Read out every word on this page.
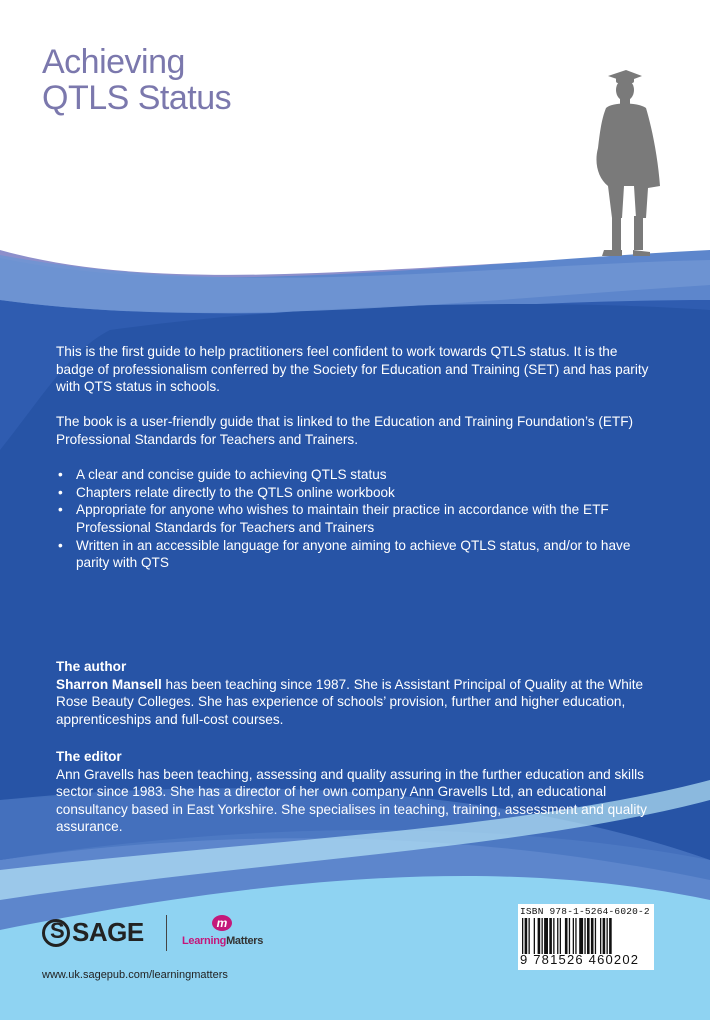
Achieving
QTLS Status

This is the first guide to help practitioners feel confident to work towards QTLS status. It is the badge of professionalism conferred by the Society for Education and Training (SET) and has parity with QTS status in schools.

The book is a user-friendly guide that is linked to the Education and Training Foundation’s (ETF) Professional Standards for Teachers and Trainers.

• A clear and concise guide to achieving QTLS status
• Chapters relate directly to the QTLS online workbook
• Appropriate for anyone who wishes to maintain their practice in accordance with the ETF Professional Standards for Teachers and Trainers
• Written in an accessible language for anyone aiming to achieve QTLS status, and/or to have parity with QTS
The author

Sharron Mansell has been teaching since 1987. She is Assistant Principal of Quality at the White Rose Beauty Colleges. She has experience of schools’ provision, further and higher education, apprenticeships and full-cost courses.

The editor

Ann Gravells has been teaching, assessing and quality assuring in the further education and skills sector since 1983. She has a director of her own company Ann Gravells Ltd, an educational consultancy based in East Yorkshire. She specialises in teaching, training, assessment and quality assurance.

S
SAGE	m
LearningMatters
www.uk.sagepub.com/learningmatters
ISBN 978-1-5264-6020-2
9 781526 460202
